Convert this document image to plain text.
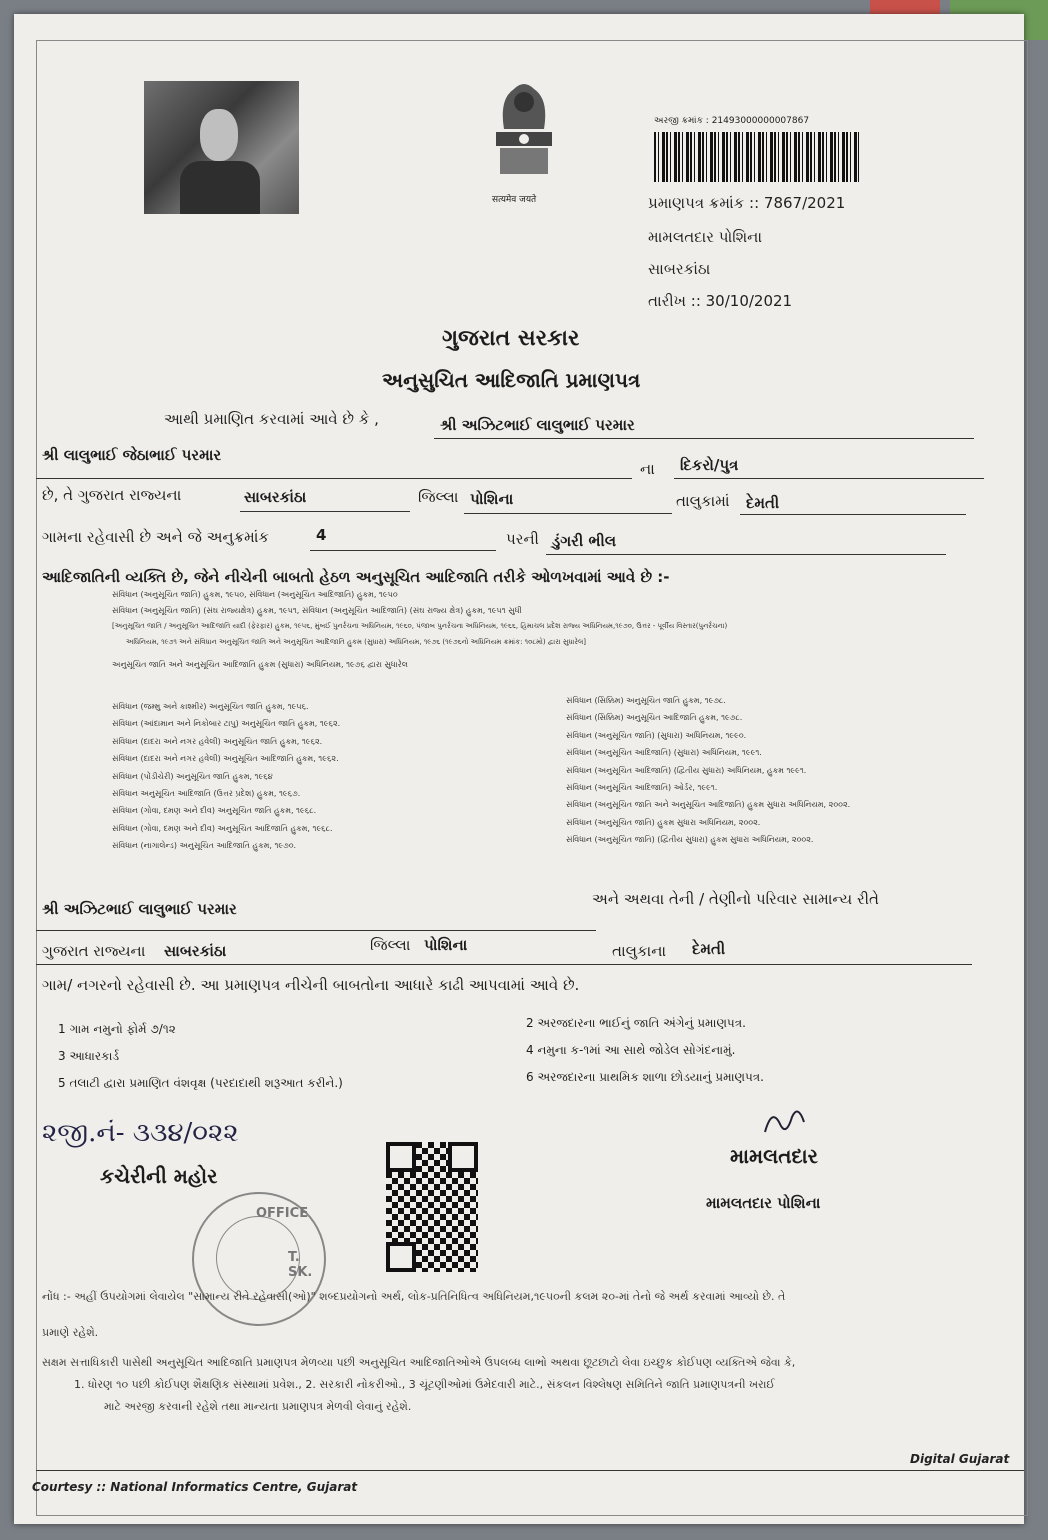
सत्यमेव जयते
અરજી ક્રમાંક : 21493000000007867
પ્રમાણપત્ર ક્રમાંક :: 7867/2021
મામલતદાર પોશિના
સાબરકાંઠા
તારીખ :: 30/10/2021
ગુજરાત સરકાર
અનુસુચિત આદિજાતિ પ્રમાણપત્ર
આથી પ્રમાણિત કરવામાં આવે છે કે ,	શ્રી અઝિટભાઈ લાલુભાઈ પરમાર
શ્રી લાલુભાઈ જેઠાભાઈ પરમાર
ના દિકરો/પુત્ર
છે, તે ગુજરાત રાજ્યના	સાબરકાંઠા	જિલ્લા પોશિના	તાલુકામાં દેમતી
ગામના રહેવાસી છે અને જે અનુક્રમાંક	4	પરની ડુંગરી ભીલ
આદિજાતિની વ્યક્તિ છે, જેને નીચેની બાબતો હેઠળ અનુસૂચિત આદિજાતિ તરીકે ઓળખવામાં આવે છે :-
સંવિધાન (અનુસૂચિત જાતિ) હુકમ, ૧૯૫૦, સંવિધાન (અનુસૂચિત આદિજાતિ) હુકમ, ૧૯૫૦
સંવિધાન (અનુસૂચિત જાતિ) (સંઘ રાજ્યક્ષેત્ર) હુકમ, ૧૯૫૧, સંવિધાન (અનુસૂચિત આદિજાતિ) (સંઘ રાજ્ય ક્ષેત્ર) હુકમ, ૧૯૫૧ સુધી
[અનુસૂચિત જાતિ / અનુસૂચિત આદિજાતિ યાદી (ફેરફાર) હુકમ, ૧૯૫૬, મુંબઈ પુનર્રચના અધિનિયમ, ૧૯૬૦, પંજાબ પુનર્રચના અધિનિયમ, ૧૯૬૬, હિમાચલ પ્રદેશ રાજ્ય અધિનિયમ,૧૯૭૦, ઉત્તર - પૂર્વીય વિસ્તાર(પુનર્રચના)
અધિનિયમ, ૧૯૭૧ અને સંવિધાન અનુસૂચિત જાતિ અને અનુસૂચિત આદિજાતિ હુકમ (સુધારા) અધિનિયમ, ૧૯૭૬ (૧૯૭૬નો અધિનિયમ ક્રમાંક: ૧૦૮મો) દ્વારા સુધારેલ]
અનુસૂચિત જાતિ અને અનુસૂચિત આદિજાતિ હુકમ (સુધારા) અધિનિયમ, ૧૯૭૬ દ્વારા સુધારેલ
સંવિધાન (જમ્મુ અને કાશ્મીર) અનુસૂચિત જાતિ હુકમ, ૧૯૫૬.
સંવિધાન (આંદામાન અને નિકોબાર ટાપુ) અનુસૂચિત જાતિ હુકમ, ૧૯૬૨.
સંવિધાન (દાદરા અને નગર હવેલી) અનુસૂચિત જાતિ હુકમ, ૧૯૬૨.
સંવિધાન (દાદરા અને નગર હવેલી) અનુસૂચિત આદિજાતિ હુકમ, ૧૯૬૨.
સંવિધાન (પોંડીચેરી) અનુસૂચિત જાતિ હુકમ, ૧૯૬૪
સંવિધાન અનુસૂચિત આદિજાતિ (ઉત્તર પ્રદેશ) હુકમ, ૧૯૬૭.
સંવિધાન (ગોવા, દમણ અને દીવ) અનુસૂચિત જાતિ હુકમ, ૧૯૬૮.
સંવિધાન (ગોવા, દમણ અને દીવ) અનુસૂચિત આદિજાતિ હુકમ, ૧૯૬૮.
સંવિધાન (નાગાલેન્ડ) અનુસૂચિત આદિજાતિ હુકમ, ૧૯૭૦.
સંવિધાન (સિક્કિમ) અનુસૂચિત જાતિ હુકમ, ૧૯૭૮.
સંવિધાન (સિક્કિમ) અનુસૂચિત આદિજાતિ હુકમ, ૧૯૭૮.
સંવિધાન (અનુસૂચિત જાતિ) (સુધારા) અધિનિયમ, ૧૯૯૦.
સંવિધાન (અનુસૂચિત આદિજાતિ) (સુધારા) અધિનિયમ, ૧૯૯૧.
સંવિધાન (અનુસૂચિત આદિજાતિ) (દ્વિતીય સુધારા) અધિનિયમ, હુકમ ૧૯૯૧.
સંવિધાન (અનુસૂચિત આદિજાતિ) ઓર્ડર, ૧૯૯૧.
સંવિધાન (અનુસૂચિત જાતિ અને અનુસૂચિત આદિજાતિ) હુકમ સુધારા અધિનિયમ, ૨૦૦૨.
સંવિધાન (અનુસૂચિત જાતિ) હુકમ સુધારા અધિનિયમ, ૨૦૦૨.
સંવિધાન (અનુસૂચિત જાતિ) (દ્વિતીય સુધારા) હુકમ સુધારા અધિનિયમ, ૨૦૦૨.
શ્રી અઝિટભાઈ લાલુભાઈ પરમાર
અને અથવા તેની / તેણીનો પરિવાર સામાન્ય રીતે
ગુજરાત રાજ્યના સાબરકાંઠા	જિલ્લા પોશિના	તાલુકાના દેમતી
ગામ/ નગરનો રહેવાસી છે. આ પ્રમાણપત્ર નીચેની બાબતોના આધારે કાઢી આપવામાં આવે છે.
1 ગામ નમુનો ફોર્મ ૭/૧૨
3 આધારકાર્ડ
5 તલાટી દ્વારા પ્રમાણિત વંશવૃક્ષ (પરદાદાથી શરૂઆત કરીને.)
2 અરજદારના ભાઈનું જાતિ અંગેનું પ્રમાણપત્ર.
4 નમુના ક-૧માં આ સાથે જોડેલ સોગંદનામું.
6 અરજદારના પ્રાથમિક શાળા છોડયાનું પ્રમાણપત્ર.
૨જી.નં- ૩૩૪/૦૨૨
કચેરીની મહોર
OFFICE
T. SK.
મામલતદાર
મામલતદાર પોશિના
નોંધ :- અહીં ઉપયોગમાં લેવાયેલ "સામાન્ય રીતે રહેવાસી(ઓ)" શબ્દપ્રયોગનો અર્થ, લોક-પ્રતિનિધિત્વ અધિનિયમ,૧૯૫૦ની કલમ ૨૦-માં તેનો જે અર્થ કરવામાં આવ્યો છે. તે
પ્રમાણે રહેશે.
સક્ષમ સત્તાધિકારી પાસેથી અનુસૂચિત આદિજાતિ પ્રમાણપત્ર મેળવ્યા પછી અનુસૂચિત આદિજાતિઓએ ઉપલબ્ધ લાભો અથવા છૂટછાટો લેવા ઇચ્છુક કોઈપણ વ્યક્તિએ જેવા કે,
1. ધોરણ ૧૦ પછી કોઈપણ શૈક્ષણિક સંસ્થામાં પ્રવેશ., 2. સરકારી નોકરીઓ., 3 ચૂંટણીઓમાં ઉમેદવારી માટે., સંકલન વિશ્લેષણ સમિતિને જાતિ પ્રમાણપત્રની ખરાઈ
માટે અરજી કરવાની રહેશે તથા માન્યતા પ્રમાણપત્ર મેળવી લેવાનું રહેશે.
Digital Gujarat
Courtesy :: National Informatics Centre, Gujarat
